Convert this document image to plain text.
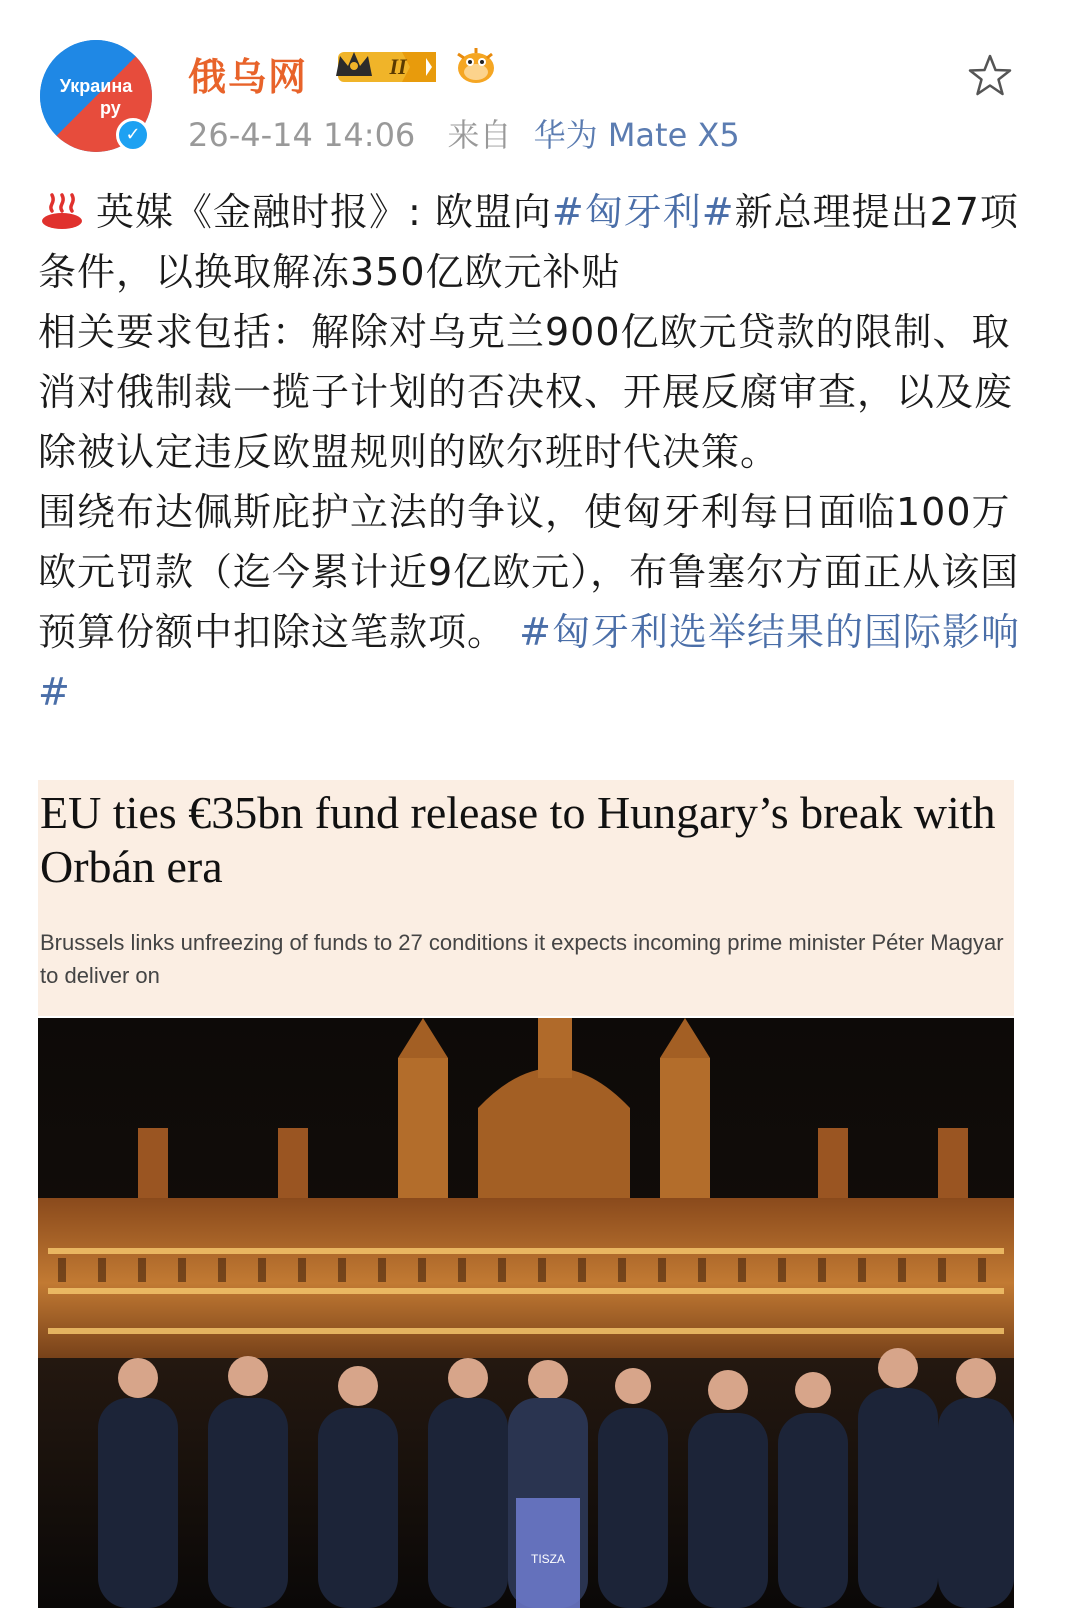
Украина
ру
✓
俄乌网	II
26-4-14 14:06 来自 华为 Mate X5

英媒《金融时报》: 欧盟向#匈牙利#新总理提出27项条件，以换取解冻350亿欧元补贴

相关要求包括：解除对乌克兰900亿欧元贷款的限制、取消对俄制裁一揽子计划的否决权、开展反腐审查，以及废除被认定违反欧盟规则的欧尔班时代决策。

围绕布达佩斯庇护立法的争议，使匈牙利每日面临100万欧元罚款（迄今累计近9亿欧元），布鲁塞尔方面正从该国预算份额中扣除这笔款项。 #匈牙利选举结果的国际影响#

EU ties €35bn fund release to Hungary’s break with Orbán era
Brussels links unfreezing of funds to 27 conditions it expects incoming prime minister Péter Magyar to deliver on
TISZA
